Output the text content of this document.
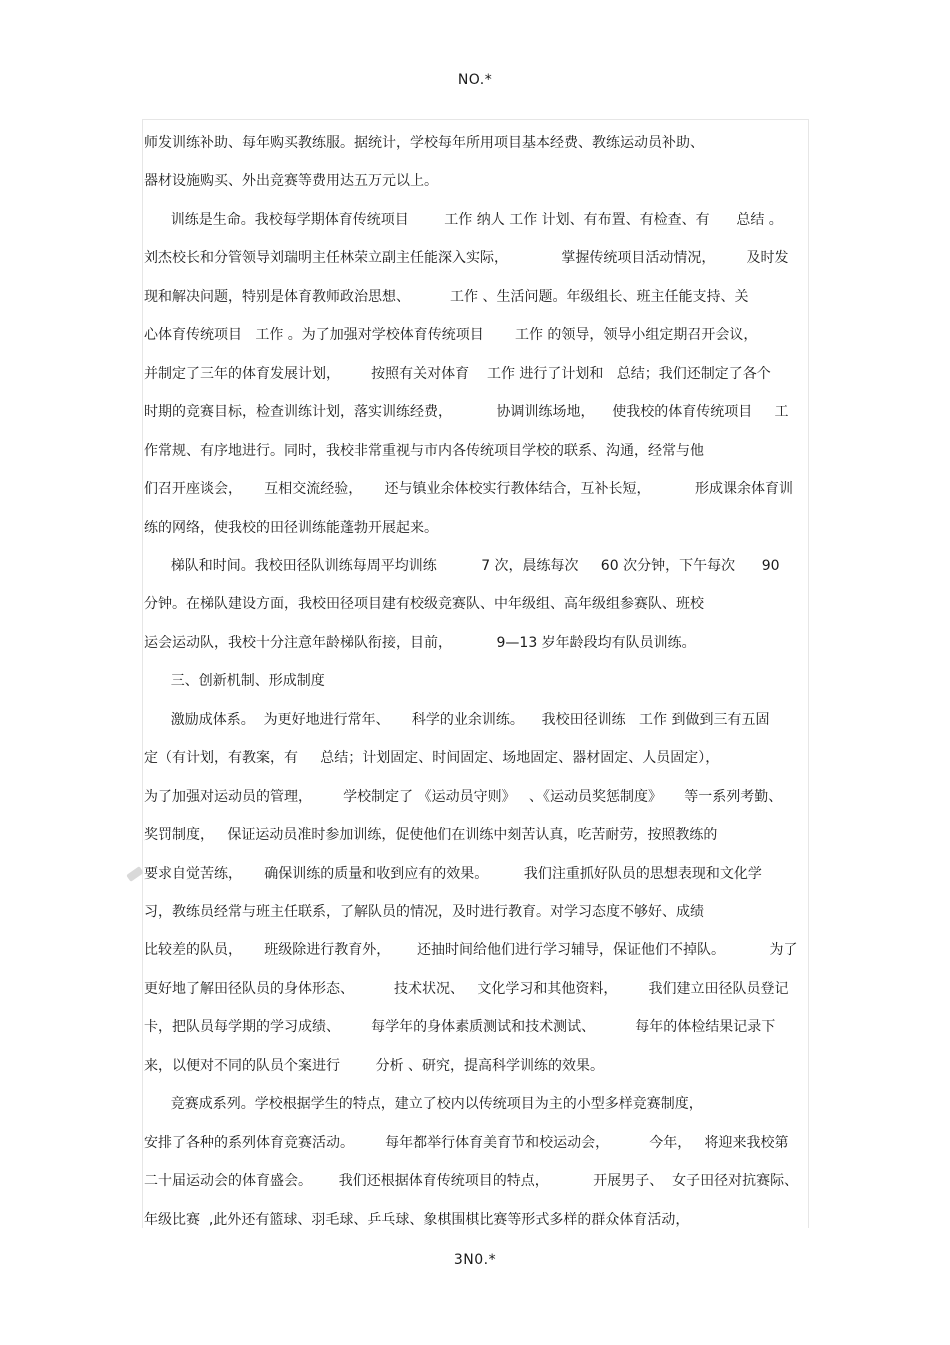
NO.*
师发训练补助、每年购买教练服。据统计，学校每年所用项目基本经费、教练运动员补助、
器材设施购买、外出竞赛等费用达五万元以上。
训练是生命。我校每学期体育传统项目        工作 纳人 工作 计划、有布置、有检查、有      总结 。
刘杰校长和分管领导刘瑞明主任林荣立副主任能深入实际，            掌握传统项目活动情况，       及时发
现和解决问题，特别是体育教师政治思想、         工作 、生活问题。年级组长、班主任能支持、关
心体育传统项目   工作 。为了加强对学校体育传统项目       工作 的领导，领导小组定期召开会议，
并制定了三年的体育发展计划，       按照有关对体育    工作 进行了计划和   总结；我们还制定了各个
时期的竞赛目标，检查训练计划，落实训练经费，          协调训练场地，    使我校的体育传统项目     工
作常规、有序地进行。同时，我校非常重视与市内各传统项目学校的联系、沟通，经常与他
们召开座谈会，     互相交流经验，     还与镇业余体校实行教体结合，互补长短，          形成课余体育训
练的网络，使我校的田径训练能蓬勃开展起来。
梯队和时间。我校田径队训练每周平均训练          7 次，晨练每次     60 次分钟，下午每次      90
分钟。在梯队建设方面，我校田径项目建有校级竞赛队、中年级组、高年级组参赛队、班校
运会运动队，我校十分注意年龄梯队衔接，目前，          9—13 岁年龄段均有队员训练。
三、创新机制、形成制度
激励成体系。  为更好地进行常年、     科学的业余训练。    我校田径训练   工作 到做到三有五固
定（有计划，有教案，有     总结；计划固定、时间固定、场地固定、器材固定、人员固定），
为了加强对运动员的管理，       学校制定了 《运动员守则》   、《运动员奖惩制度》     等一系列考勤、
奖罚制度，   保证运动员准时参加训练，促使他们在训练中刻苦认真，吃苦耐劳，按照教练的
要求自觉苦练，     确保训练的质量和收到应有的效果。        我们注重抓好队员的思想表现和文化学
习，教练员经常与班主任联系，了解队员的情况，及时进行教育。对学习态度不够好、成绩
比较差的队员，     班级除进行教育外，      还抽时间给他们进行学习辅导，保证他们不掉队。          为了
更好地了解田径队员的身体形态、         技术状况、   文化学习和其他资料，       我们建立田径队员登记
卡，把队员每学期的学习成绩、       每学年的身体素质测试和技术测试、         每年的体检结果记录下
来，以便对不同的队员个案进行        分析 、研究，提高科学训练的效果。
竞赛成系列。学校根据学生的特点，建立了校内以传统项目为主的小型多样竞赛制度，
安排了各种的系列体育竞赛活动。       每年都举行体育美育节和校运动会，         今年，   将迎来我校第
二十届运动会的体育盛会。      我们还根据体育传统项目的特点，          开展男子、  女子田径对抗赛际、
年级比赛  ,此外还有篮球、羽毛球、乒乓球、象棋围棋比赛等形式多样的群众体育活动，
3N0.*
